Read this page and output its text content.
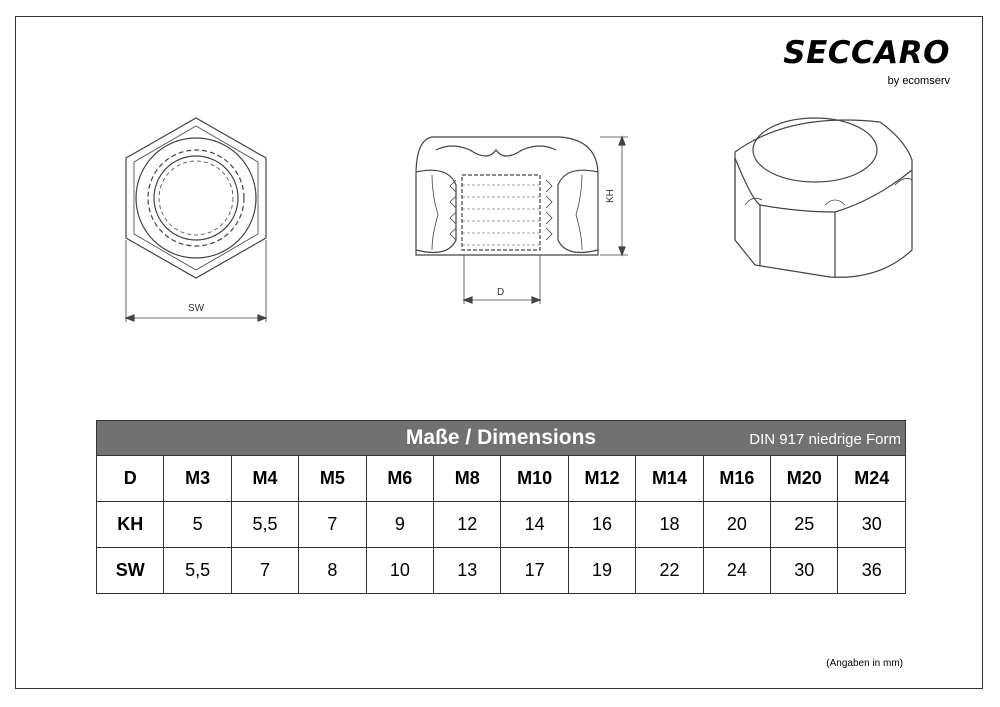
SECCARO
by ecomserv
SW
D
KH
Maße / Dimensions DIN 917 niedrige Form											

D	M3	M4	M5	M6	M8	M10	M12	M14	M16	M20	M24
KH	5	5,5	7	9	12	14	16	18	20	25	30
SW	5,5	7	8	10	13	17	19	22	24	30	36
(Angaben in mm)
